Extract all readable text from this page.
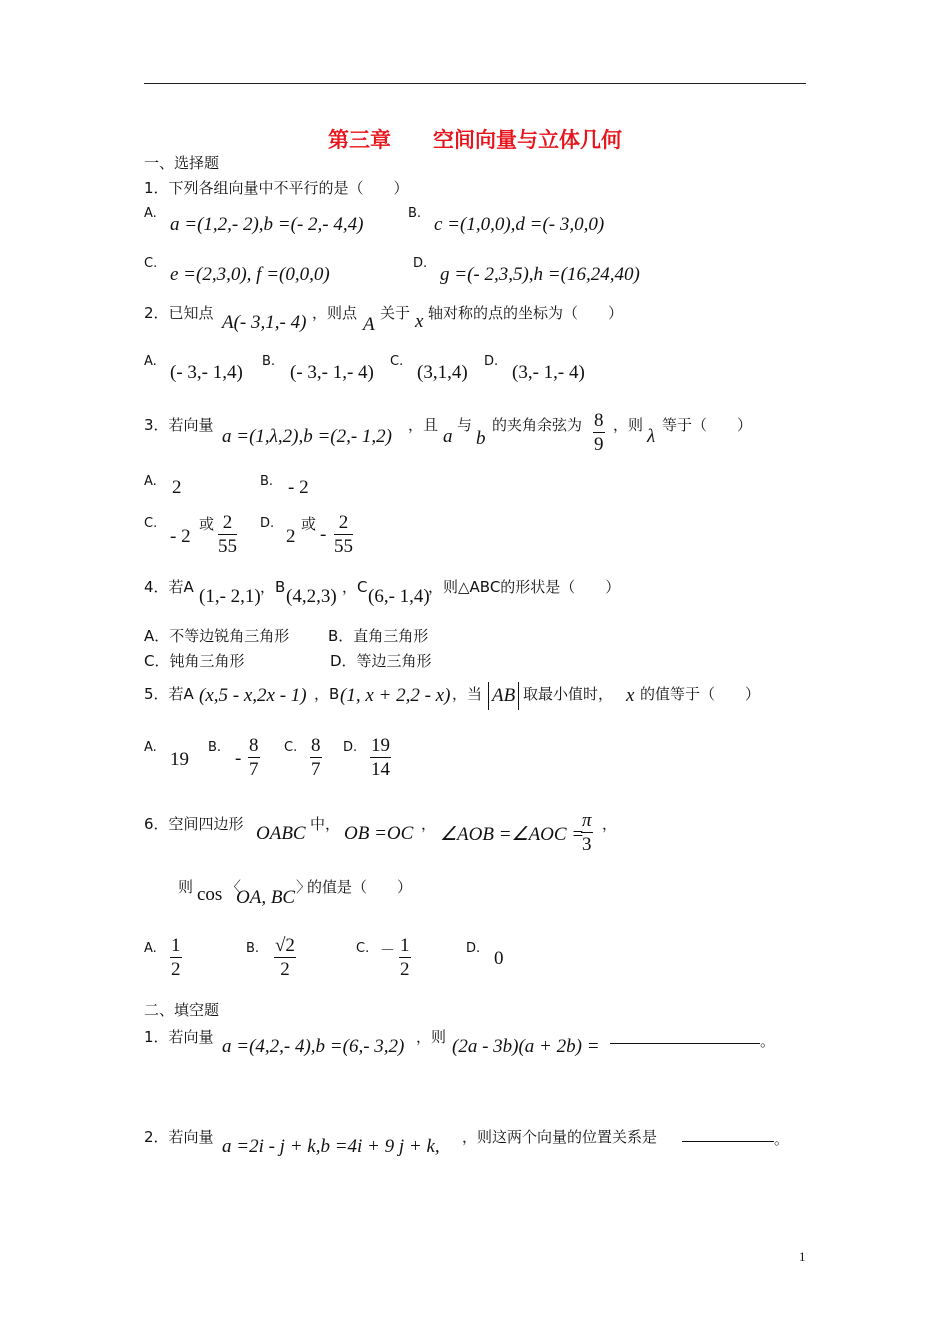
第三章　　空间向量与立体几何
一、选择题
1．下列各组向量中不平行的是（　　）
A.
a =(1,2,- 2),b =(- 2,- 4,4)
B.
c =(1,0,0),d =(- 3,0,0)
C.
e =(2,3,0), f =(0,0,0)
D.
g =(- 2,3,5),h =(16,24,40)
2．已知点 A(- 3,1,- 4) ，则点
A
关于 x 轴对称的点的坐标为（　　）
A.
(- 3,- 1,4)
B.
(- 3,- 1,- 4)
C.
(3,1,4)
D.
(3,- 1,- 4)
3．若向量
a =(1,λ,2),b =(2,- 1,2)
，且
a
与
b
的夹角余弦为 $\frac{8}{9}$ ，则
λ
等于（　　）
A. 2	B. - 2
C.
- 2
或 $\frac{2}{55} D$.
2
或 - $\frac{2}{55}$
4．若A (1,- 2,1) ，B (4,2,3) ，C (6,- 1,4)
，则△ABC的形状是（　　）
A．不等边锐角三角形	B．直角三角形
C．钝角三角形	D．等边三角形
5．若A (x,5 - x,2x - 1) ，B (1, x + 2,2 - x) ，当 AB 取最小值时， x 的值等于（　　）
A.
19
B.
- $\frac{8}{7} C$. $\frac{8}{7} D$. $\frac{19}{14}$
6．空间四边形 OABC 中， OB =OC ， ∠AOB =∠AOC =
$\frac{\pi}{3}$ ，
则 cos 〈
OA, BC 〉
的值是（　　）
A. $\frac{1}{2}$	B. $\frac{√2}{2}$	C. － $\frac{1}{2}$	D. 0
二、填空题
1．若向量 a =(4,2,- 4),b =(6,- 3,2) ，则 (2a - 3b)(a + 2b) =	。
2．若向量 a =2i - j + k,b =4i + 9 j + k, ，则这两个向量的位置关系是	。
1
